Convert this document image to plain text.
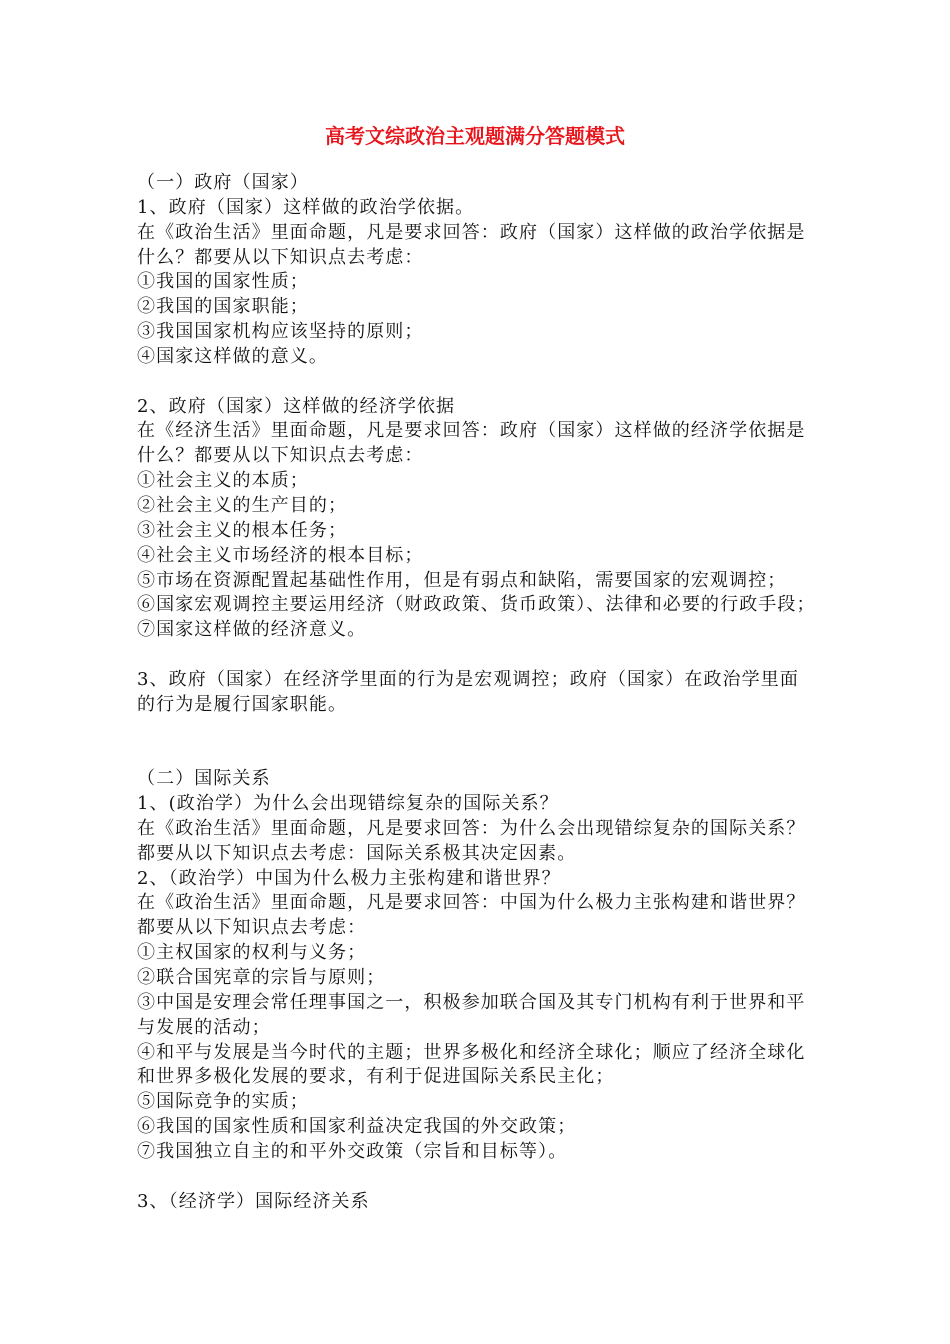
高考文综政治主观题满分答题模式
（一）政府（国家）
1、政府（国家）这样做的政治学依据。
在《政治生活》里面命题，凡是要求回答：政府（国家）这样做的政治学依据是
什么？都要从以下知识点去考虑：
①我国的国家性质；
②我国的国家职能；
③我国国家机构应该坚持的原则；
④国家这样做的意义。
2、政府（国家）这样做的经济学依据
在《经济生活》里面命题，凡是要求回答：政府（国家）这样做的经济学依据是
什么？都要从以下知识点去考虑：
①社会主义的本质；
②社会主义的生产目的；
③社会主义的根本任务；
④社会主义市场经济的根本目标；
⑤市场在资源配置起基础性作用，但是有弱点和缺陷，需要国家的宏观调控；
⑥国家宏观调控主要运用经济（财政政策、货币政策）、法律和必要的行政手段；
⑦国家这样做的经济意义。
3、政府（国家）在经济学里面的行为是宏观调控；政府（国家）在政治学里面
的行为是履行国家职能。
（二）国际关系
1、(政治学）为什么会出现错综复杂的国际关系？
在《政治生活》里面命题，凡是要求回答：为什么会出现错综复杂的国际关系？
都要从以下知识点去考虑：国际关系极其决定因素。
2、（政治学）中国为什么极力主张构建和谐世界？
在《政治生活》里面命题，凡是要求回答：中国为什么极力主张构建和谐世界？
都要从以下知识点去考虑：
①主权国家的权利与义务；
②联合国宪章的宗旨与原则；
③中国是安理会常任理事国之一，积极参加联合国及其专门机构有利于世界和平
与发展的活动；
④和平与发展是当今时代的主题；世界多极化和经济全球化；顺应了经济全球化
和世界多极化发展的要求，有利于促进国际关系民主化；
⑤国际竞争的实质；
⑥我国的国家性质和国家利益决定我国的外交政策；
⑦我国独立自主的和平外交政策（宗旨和目标等）。
3、（经济学）国际经济关系
